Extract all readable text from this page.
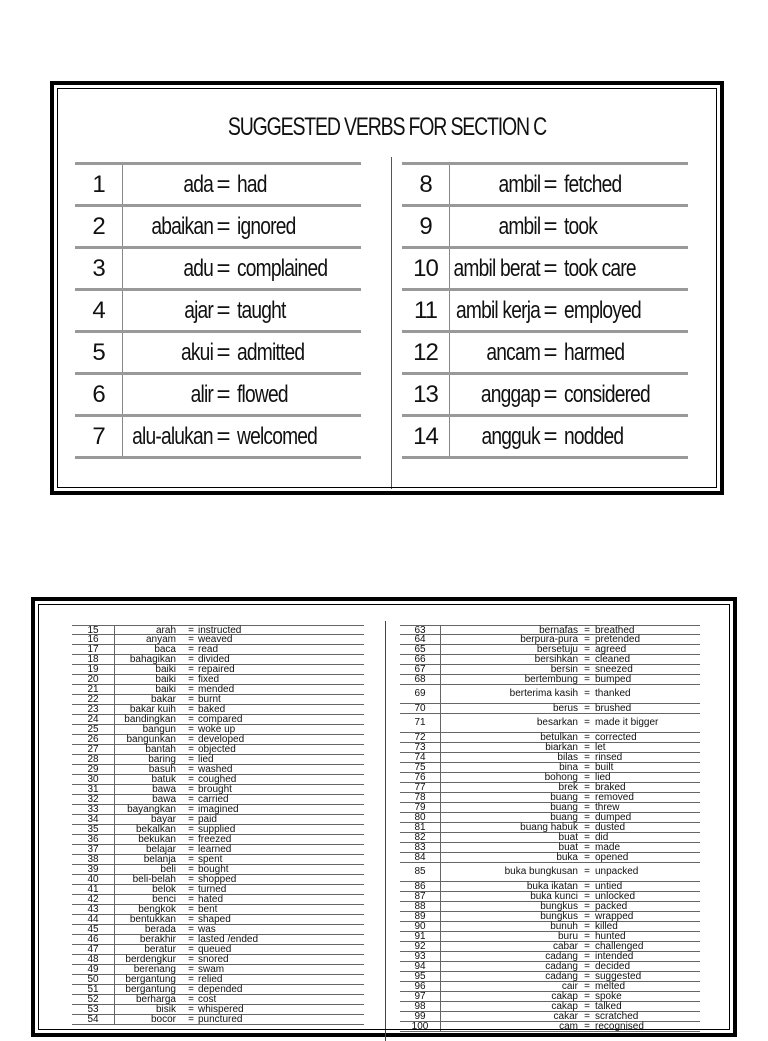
SUGGESTED VERBS FOR SECTION C
1	ada = had
2	abaikan = ignored
3	adu = complained
4	ajar = taught
5	akui = admitted
6	alir = flowed
7	alu-alukan = welcomed
8	ambil = fetched
9	ambil = took
10 ambil berat = took care
11 ambil kerja = employed
12	ancam = harmed
13	anggap = considered
14	angguk = nodded
15	arah	= instructed
16	anyam	= weaved
17	baca	= read
18	bahagikan	= divided
19	baiki	= repaired
20	baiki	= fixed
21	baiki	= mended
22	bakar	= burnt
23	bakar kuih	= baked
24	bandingkan	= compared
25	bangun	= woke up
26	bangunkan	= developed
27	bantah	= objected
28	baring	= lied
29	basuh	= washed
30	batuk	= coughed
31	bawa	= brought
32	bawa	= carried
33	bayangkan	= imagined
34	bayar	= paid
35	bekalkan	= supplied
36	bekukan	= freezed
37	belajar	= learned
38	belanja	= spent
39	beli	= bought
40	beli-belah	= shopped
41	belok	= turned
42	benci	= hated
43	bengkok	= bent
44	bentukkan	= shaped
45	berada	= was
46	berakhir	= lasted /ended
47	beratur	= queued
48	berdengkur	= snored
49	berenang	= swam
50	bergantung	= relied
51	bergantung	= depended
52	berharga	= cost
53	bisik	= whispered
54	bocor	= punctured
63	bernafas = breathed
64	berpura-pura = pretended
65	bersetuju = agreed
66	bersihkan = cleaned
67	bersin = sneezed
68	bertembung = bumped
69	berterima kasih = thanked
70	berus = brushed
71	besarkan = made it bigger
72	betulkan = corrected
73	biarkan = let
74	bilas = rinsed
75	bina = built
76	bohong = lied
77	brek = braked
78	buang = removed
79	buang = threw
80	buang = dumped
81	buang habuk = dusted
82	buat = did
83	buat = made
84	buka = opened
85	buka bungkusan = unpacked
86	buka ikatan = untied
87	buka kunci = unlocked
88	bungkus = packed
89	bungkus = wrapped
90	bunuh = killed
91	buru = hunted
92	cabar = challenged
93	cadang = intended
94	cadang = decided
95	cadang = suggested
96	cair = melted
97	cakap = spoke
98	cakap = talked
99	cakar = scratched
100	cam = recognised
